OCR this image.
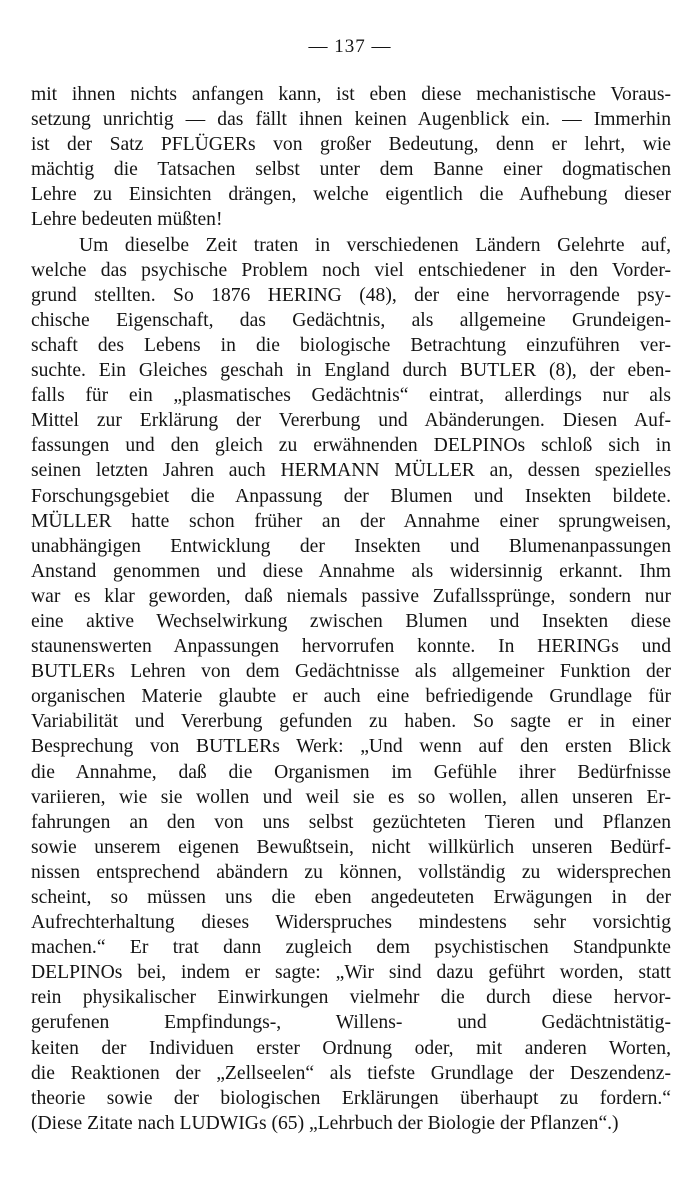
— 137 —
mit ihnen nichts anfangen kann, ist eben diese mechanistische Voraus-
setzung unrichtig — das fällt ihnen keinen Augenblick ein. — Immerhin
ist der Satz PFLÜGERs von großer Bedeutung, denn er lehrt, wie
mächtig die Tatsachen selbst unter dem Banne einer dogmatischen
Lehre zu Einsichten drängen, welche eigentlich die Aufhebung dieser
Lehre bedeuten müßten!
Um dieselbe Zeit traten in verschiedenen Ländern Gelehrte auf,
welche das psychische Problem noch viel entschiedener in den Vorder-
grund stellten. So 1876 HERING (48), der eine hervorragende psy-
chische Eigenschaft, das Gedächtnis, als allgemeine Grundeigen-
schaft des Lebens in die biologische Betrachtung einzuführen ver-
suchte. Ein Gleiches geschah in England durch BUTLER (8), der eben-
falls für ein „plasmatisches Gedächtnis“ eintrat, allerdings nur als
Mittel zur Erklärung der Vererbung und Abänderungen. Diesen Auf-
fassungen und den gleich zu erwähnenden DELPINOs schloß sich in
seinen letzten Jahren auch HERMANN MÜLLER an, dessen spezielles
Forschungsgebiet die Anpassung der Blumen und Insekten bildete.
MÜLLER hatte schon früher an der Annahme einer sprungweisen,
unabhängigen Entwicklung der Insekten und Blumenanpassungen
Anstand genommen und diese Annahme als widersinnig erkannt. Ihm
war es klar geworden, daß niemals passive Zufallssprünge, sondern nur
eine aktive Wechselwirkung zwischen Blumen und Insekten diese
staunenswerten Anpassungen hervorrufen konnte. In HERINGs und
BUTLERs Lehren von dem Gedächtnisse als allgemeiner Funktion der
organischen Materie glaubte er auch eine befriedigende Grundlage für
Variabilität und Vererbung gefunden zu haben. So sagte er in einer
Besprechung von BUTLERs Werk: „Und wenn auf den ersten Blick
die Annahme, daß die Organismen im Gefühle ihrer Bedürfnisse
variieren, wie sie wollen und weil sie es so wollen, allen unseren Er-
fahrungen an den von uns selbst gezüchteten Tieren und Pflanzen
sowie unserem eigenen Bewußtsein, nicht willkürlich unseren Bedürf-
nissen entsprechend abändern zu können, vollständig zu widersprechen
scheint, so müssen uns die eben angedeuteten Erwägungen in der
Aufrechterhaltung dieses Widerspruches mindestens sehr vorsichtig
machen.“ Er trat dann zugleich dem psychistischen Standpunkte
DELPINOs bei, indem er sagte: „Wir sind dazu geführt worden, statt
rein physikalischer Einwirkungen vielmehr die durch diese hervor-
gerufenen Empfindungs-, Willens- und Gedächtnistätig-
keiten der Individuen erster Ordnung oder, mit anderen Worten,
die Reaktionen der „Zellseelen“ als tiefste Grundlage der Deszendenz-
theorie sowie der biologischen Erklärungen überhaupt zu fordern.“
(Diese Zitate nach LUDWIGs (65) „Lehrbuch der Biologie der Pflanzen“.)
